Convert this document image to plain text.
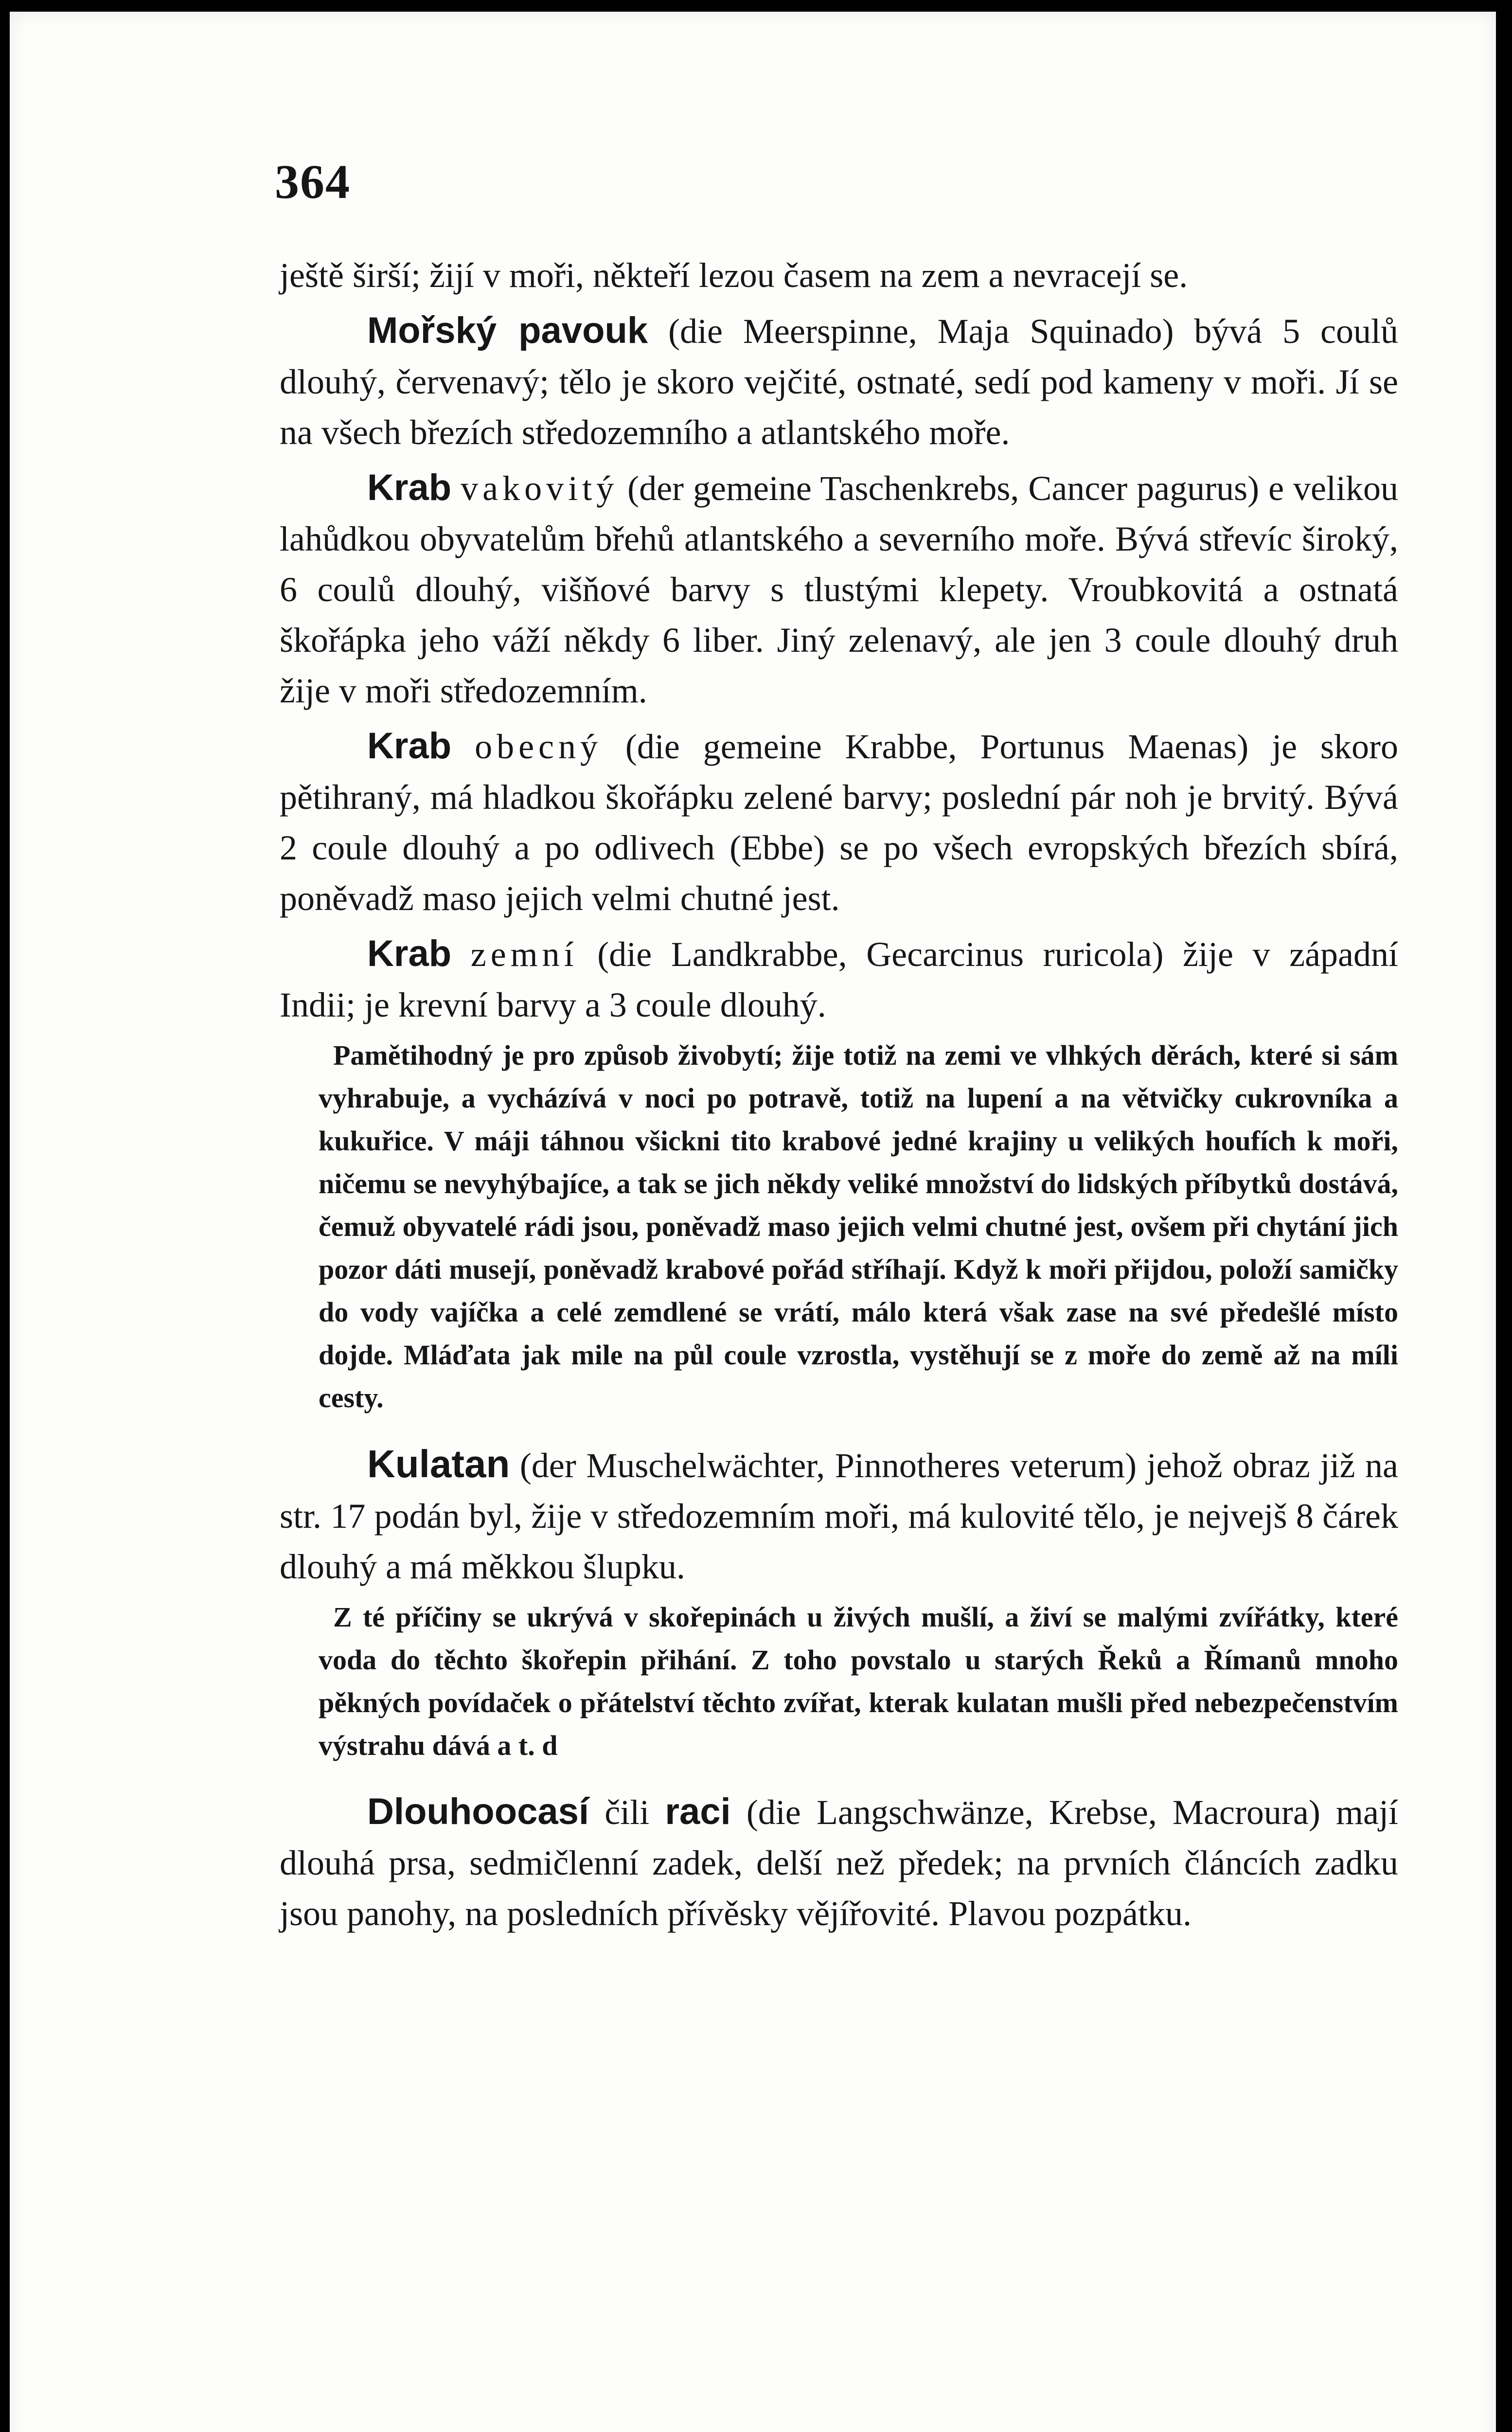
364

ještě širší; žijí v moři, někteří lezou časem na zem a nevracejí se.

Mořský pavouk (die Meerspinne, Maja Squinado) bývá 5 coulů dlouhý, červenavý; tělo je skoro vejčité, ostnaté, sedí pod kameny v moři. Jí se na všech březích středozemního a atlantského moře.

Krab vakovitý (der gemeine Taschenkrebs, Cancer pagurus) e velikou lahůdkou obyvatelům břehů atlantského a severního moře. Bývá střevíc široký, 6 coulů dlouhý, višňové barvy s tlustými klepety. Vroubkovitá a ostnatá škořápka jeho váží někdy 6 liber. Jiný zelenavý, ale jen 3 coule dlouhý druh žije v moři středozemním.

Krab obecný (die gemeine Krabbe, Portunus Maenas) je skoro pětihraný, má hladkou škořápku zelené barvy; poslední pár noh je brvitý. Bývá 2 coule dlouhý a po odlivech (Ebbe) se po všech evropských březích sbírá, poněvadž maso jejich velmi chutné jest.

Krab zemní (die Landkrabbe, Gecarcinus ruricola) žije v západní Indii; je krevní barvy a 3 coule dlouhý.

Pamětihodný je pro způsob živobytí; žije totiž na zemi ve vlhkých děrách, které si sám vyhrabuje, a vycházívá v noci po potravě, totiž na lupení a na větvičky cukrovníka a kukuřice. V máji táhnou všickni tito krabové jedné krajiny u velikých houfích k moři, ničemu se nevyhýbajíce, a tak se jich někdy veliké množství do lidských příbytků dostává, čemuž obyvatelé rádi jsou, poněvadž maso jejich velmi chutné jest, ovšem při chytání jich pozor dáti musejí, poněvadž krabové pořád stříhají. Když k moři přijdou, položí samičky do vody vajíčka a celé zemdlené se vrátí, málo která však zase na své předešlé místo dojde. Mláďata jak mile na půl coule vzrostla, vystěhují se z moře do země až na míli cesty.

Kulatan (der Muschelwächter, Pinnotheres veterum) jehož obraz již na str. 17 podán byl, žije v středozemním moři, má kulovité tělo, je nejvejš 8 čárek dlouhý a má měkkou šlupku.

Z té příčiny se ukrývá v skořepinách u živých mušlí, a živí se malými zvířátky, které voda do těchto škořepin přihání. Z toho povstalo u starých Řeků a Římanů mnoho pěkných povídaček o přátelství těchto zvířat, kterak kulatan mušli před nebezpečenstvím výstrahu dává a t. d

Dlouhoocasí čili raci (die Langschwänze, Krebse, Macroura) mají dlouhá prsa, sedmičlenní zadek, delší než předek; na prvních článcích zadku jsou panohy, na posledních přívěsky vějířovité. Plavou pozpátku.
